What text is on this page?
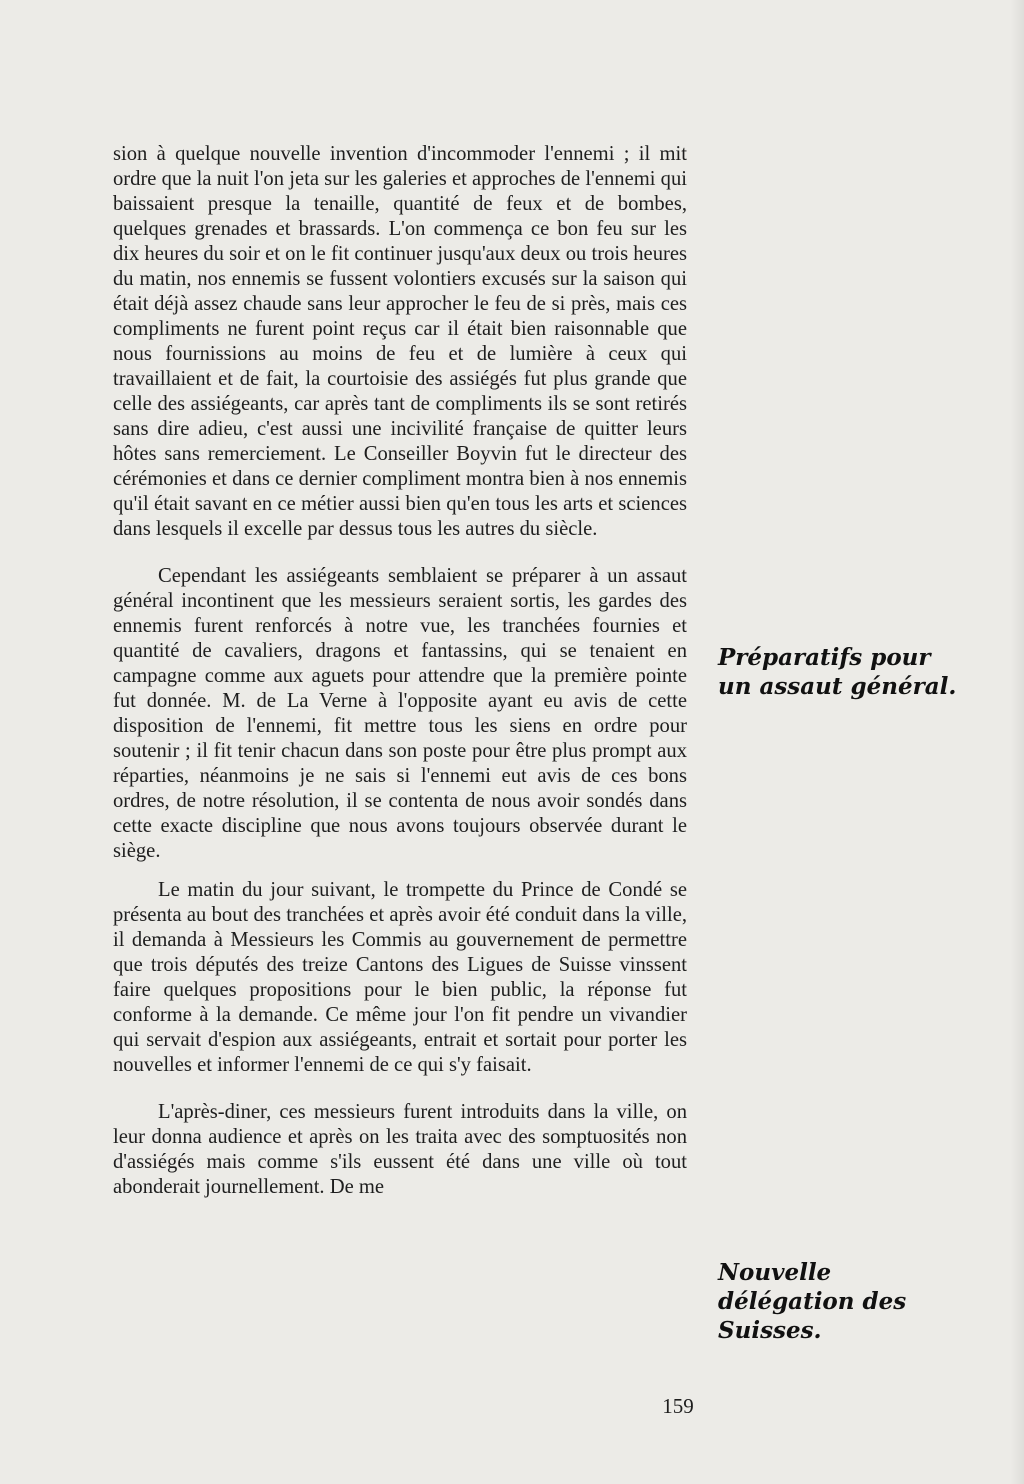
sion à quelque nouvelle invention d'incommoder l'ennemi ; il mit ordre que la nuit l'on jeta sur les galeries et approches de l'ennemi qui baissaient presque la tenaille, quantité de feux et de bombes, quelques grenades et brassards. L'on commença ce bon feu sur les dix heures du soir et on le fit continuer jusqu'aux deux ou trois heures du matin, nos ennemis se fussent volontiers excusés sur la saison qui était déjà assez chaude sans leur approcher le feu de si près, mais ces compliments ne furent point reçus car il était bien raisonnable que nous fournissions au moins de feu et de lumière à ceux qui travaillaient et de fait, la courtoisie des assiégés fut plus grande que celle des assiégeants, car après tant de compliments ils se sont retirés sans dire adieu, c'est aussi une incivilité française de quitter leurs hôtes sans remerciement. Le Conseiller Boyvin fut le directeur des cérémonies et dans ce dernier compliment montra bien à nos ennemis qu'il était savant en ce métier aussi bien qu'en tous les arts et sciences dans lesquels il excelle par dessus tous les autres du siècle.

Cependant les assiégeants semblaient se préparer à un assaut général incontinent que les messieurs seraient sortis, les gardes des ennemis furent renforcés à notre vue, les tranchées fournies et quantité de cavaliers, dragons et fantassins, qui se tenaient en campagne comme aux aguets pour attendre que la première pointe fut donnée. M. de La Verne à l'opposite ayant eu avis de cette disposition de l'ennemi, fit mettre tous les siens en ordre pour soutenir ; il fit tenir chacun dans son poste pour être plus prompt aux réparties, néanmoins je ne sais si l'ennemi eut avis de ces bons ordres, de notre résolution, il se contenta de nous avoir sondés dans cette exacte discipline que nous avons toujours observée durant le siège.

Le matin du jour suivant, le trompette du Prince de Condé se présenta au bout des tranchées et après avoir été conduit dans la ville, il demanda à Messieurs les Commis au gouvernement de permettre que trois députés des treize Cantons des Ligues de Suisse vinssent faire quelques propositions pour le bien public, la réponse fut conforme à la demande. Ce même jour l'on fit pendre un vivandier qui servait d'espion aux assiégeants, entrait et sortait pour porter les nouvelles et informer l'ennemi de ce qui s'y faisait.

L'après-diner, ces messieurs furent introduits dans la ville, on leur donna audience et après on les traita avec des somptuosités non d'assiégés mais comme s'ils eussent été dans une ville où tout abonderait journellement. De me

Préparatifs pour un assaut général.

Nouvelle délégation des Suisses.

159
